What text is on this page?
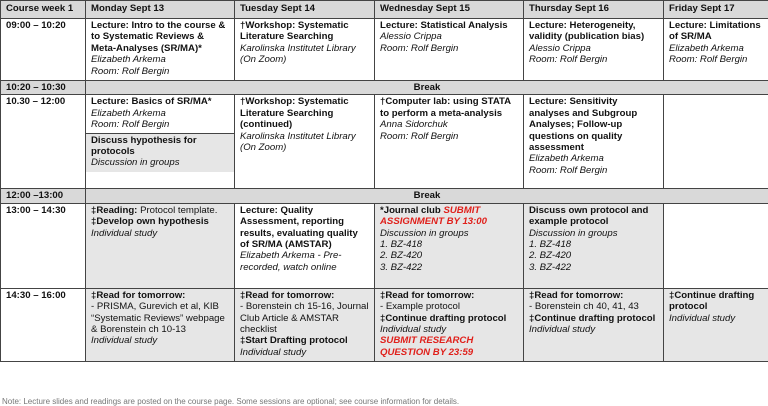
Course week 1	Monday Sept 13	Tuesday Sept 14	Wednesday Sept 15	Thursday Sept 16	Friday Sept 17
09:00 – 10:20	Lecture: Intro to the course & to Systematic Reviews & Meta-Analyses (SR/MA)*
Elizabeth Arkema
Room: Rolf Bergin	†Workshop: Systematic Literature Searching
Karolinska Institutet Library
(On Zoom)	Lecture: Statistical Analysis
Alessio Crippa
Room: Rolf Bergin	Lecture: Heterogeneity, validity (publication bias)
Alessio Crippa
Room: Rolf Bergin	Lecture: Limitations of SR/MA
Elizabeth Arkema
Room: Rolf Bergin

10:20 – 10:30	Break				
10.30 – 12:00	Lecture: Basics of SR/MA*
Elizabeth Arkema
Room: Rolf Bergin
Discuss hypothesis for protocols
Discussion in groups	†Workshop: Systematic Literature Searching (continued)
Karolinska Institutet Library
(On Zoom)	†Computer lab: using STATA to perform a meta-analysis
Anna Sidorchuk
Room: Rolf Bergin	Lecture: Sensitivity analyses and Subgroup Analyses; Follow-up questions on quality assessment
Elizabeth Arkema
Room: Rolf Bergin	

12:00 –13:00	Break				
13:00 – 14:30	‡Reading: Protocol template.
‡Develop own hypothesis
Individual study	Lecture: Quality Assessment, reporting results, evaluating quality of SR/MA (AMSTAR)
Elizabeth Arkema - Pre-recorded, watch online	*Journal club SUBMIT ASSIGNMENT BY 13:00
Discussion in groups
1. BZ-418
2. BZ-420
3. BZ-422	Discuss own protocol and example protocol
Discussion in groups
1. BZ-418
2. BZ-420
3. BZ-422	

14:30 – 16:00	‡Read for tomorrow:
- PRISMA, Gurevich et al, KIB “Systematic Reviews” webpage & Borenstein ch 10-13
Individual study	‡Read for tomorrow:
- Borenstein ch 15-16, Journal Club Article & AMSTAR checklist
‡Start Drafting protocol
Individual study	‡Read for tomorrow:
- Example protocol
‡Continue drafting protocol
Individual study
SUBMIT RESEARCH QUESTION BY 23:59	‡Read for tomorrow:
- Borenstein ch 40, 41, 43
‡Continue drafting protocol
Individual study	‡Continue drafting protocol
Individual study
Note: Lecture slides and readings are posted on the course page. Some sessions are optional; see course information for details.
